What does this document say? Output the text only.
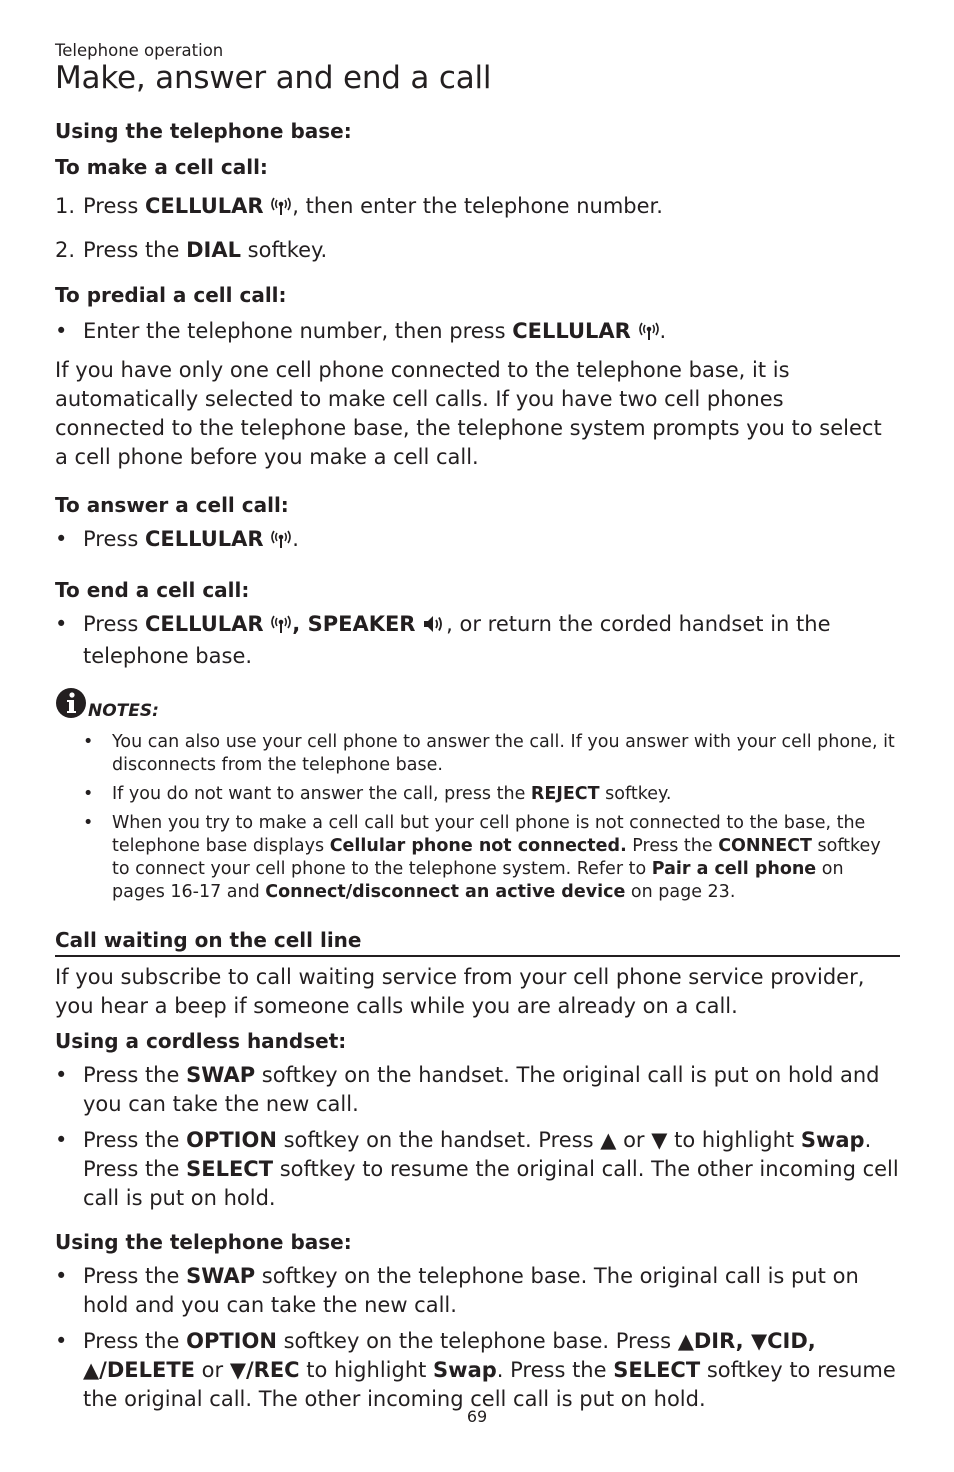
Telephone operation
Make, answer and end a call

Using the telephone base:

To make a cell call:

1. Press CELLULAR , then enter the telephone number.
2. Press the DIAL softkey.

To predial a cell call:

• Enter the telephone number, then press CELLULAR .

If you have only one cell phone connected to the telephone base, it is automatically selected to make cell calls. If you have two cell phones connected to the telephone base, the telephone system prompts you to select a cell phone before you make a cell call.

To answer a cell call:

• Press CELLULAR .

To end a cell call:

• Press CELLULAR , SPEAKER , or return the corded handset in the telephone base.
NOTES:
• You can also use your cell phone to answer the call. If you answer with your cell phone, it disconnects from the telephone base.
• If you do not want to answer the call, press the REJECT softkey.
• When you try to make a cell call but your cell phone is not connected to the base, the telephone base displays Cellular phone not connected. Press the CONNECT softkey to connect your cell phone to the telephone system. Refer to Pair a cell phone on pages 16-17 and Connect/disconnect an active device on page 23.

Call waiting on the cell line

If you subscribe to call waiting service from your cell phone service provider, you hear a beep if someone calls while you are already on a call.

Using a cordless handset:

• Press the SWAP softkey on the handset. The original call is put on hold and you can take the new call.
• Press the OPTION softkey on the handset. Press ▲ or ▼ to highlight Swap. Press the SELECT softkey to resume the original call. The other incoming cell call is put on hold.

Using the telephone base:

• Press the SWAP softkey on the telephone base. The original call is put on hold and you can take the new call.
• Press the OPTION softkey on the telephone base. Press ▲DIR, ▼CID, ▲/DELETE or ▼/REC to highlight Swap. Press the SELECT softkey to resume the original call. The other incoming cell call is put on hold.
69
